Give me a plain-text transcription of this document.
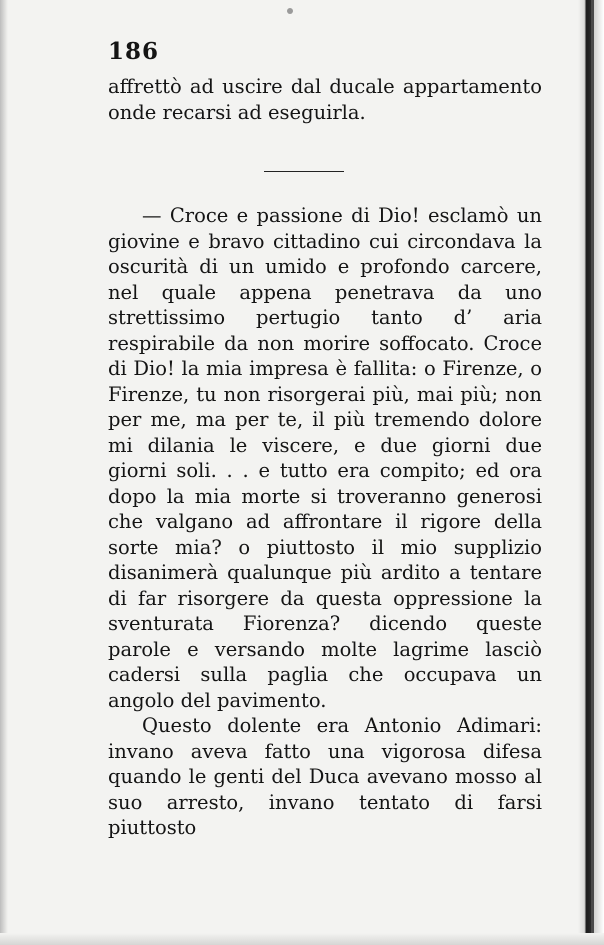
186

affrettò ad uscire dal ducale appartamento onde recarsi ad eseguirla.

— Croce e passione di Dio! esclamò un giovine e bravo cittadino cui circondava la oscurità di un umido e profondo carcere, nel quale appena penetrava da uno strettissimo pertugio tanto d’ aria respirabile da non morire soffocato. Croce di Dio! la mia impresa è fallita: o Firenze, o Firenze, tu non risorgerai più, mai più; non per me, ma per te, il più tremendo dolore mi dilania le viscere, e due giorni due giorni soli. . . e tutto era compito; ed ora dopo la mia morte si troveranno generosi che valgano ad affrontare il rigore della sorte mia? o piuttosto il mio supplizio disanimerà qualunque più ardito a tentare di far risorgere da questa oppressione la sventurata Fiorenza? dicendo queste parole e versando molte lagrime lasciò cadersi sulla paglia che occupava un angolo del pavimento.

Questo dolente era Antonio Adimari: invano aveva fatto una vigorosa difesa quando le genti del Duca avevano mosso al suo arresto, invano tentato di farsi piuttosto
